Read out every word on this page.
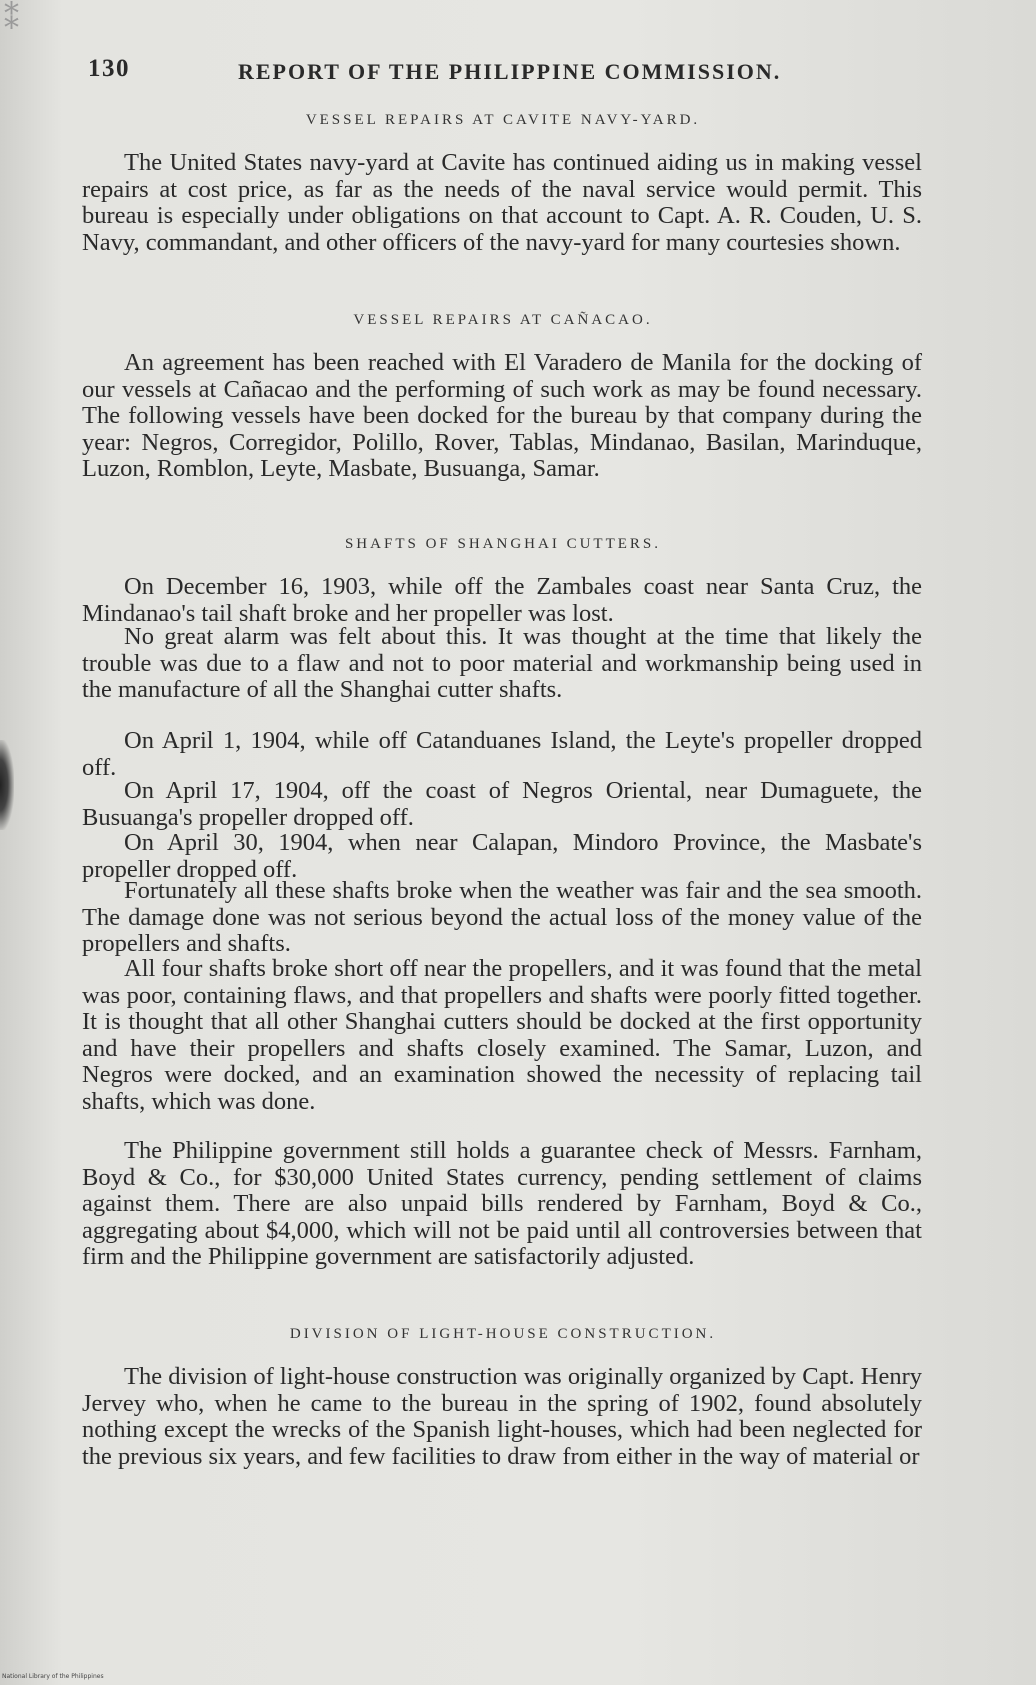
⁑
130	REPORT OF THE PHILIPPINE COMMISSION.
VESSEL REPAIRS AT CAVITE NAVY-YARD.
The United States navy-yard at Cavite has continued aiding us in making vessel repairs at cost price, as far as the needs of the naval service would permit. This bureau is especially under obligations on that account to Capt. A. R. Couden, U. S. Navy, commandant, and other officers of the navy-yard for many courtesies shown.
VESSEL REPAIRS AT CAÑACAO.
An agreement has been reached with El Varadero de Manila for the docking of our vessels at Cañacao and the performing of such work as may be found necessary. The following vessels have been docked for the bureau by that company during the year: Negros, Corregidor, Polillo, Rover, Tablas, Mindanao, Basilan, Marinduque, Luzon, Romblon, Leyte, Masbate, Busuanga, Samar.
SHAFTS OF SHANGHAI CUTTERS.
On December 16, 1903, while off the Zambales coast near Santa Cruz, the Mindanao's tail shaft broke and her propeller was lost.
No great alarm was felt about this. It was thought at the time that likely the trouble was due to a flaw and not to poor material and workmanship being used in the manufacture of all the Shanghai cutter shafts.
On April 1, 1904, while off Catanduanes Island, the Leyte's propeller dropped off.
On April 17, 1904, off the coast of Negros Oriental, near Dumaguete, the Busuanga's propeller dropped off.
On April 30, 1904, when near Calapan, Mindoro Province, the Masbate's propeller dropped off.
Fortunately all these shafts broke when the weather was fair and the sea smooth. The damage done was not serious beyond the actual loss of the money value of the propellers and shafts.
All four shafts broke short off near the propellers, and it was found that the metal was poor, containing flaws, and that propellers and shafts were poorly fitted together. It is thought that all other Shanghai cutters should be docked at the first opportunity and have their propellers and shafts closely examined. The Samar, Luzon, and Negros were docked, and an examination showed the necessity of replacing tail shafts, which was done.
The Philippine government still holds a guarantee check of Messrs. Farnham, Boyd & Co., for $30,000 United States currency, pending settlement of claims against them. There are also unpaid bills rendered by Farnham, Boyd & Co., aggregating about $4,000, which will not be paid until all controversies between that firm and the Philippine government are satisfactorily adjusted.
DIVISION OF LIGHT-HOUSE CONSTRUCTION.
The division of light-house construction was originally organized by Capt. Henry Jervey who, when he came to the bureau in the spring of 1902, found absolutely nothing except the wrecks of the Spanish light-houses, which had been neglected for the previous six years, and few facilities to draw from either in the way of material or
National Library of the Philippines
